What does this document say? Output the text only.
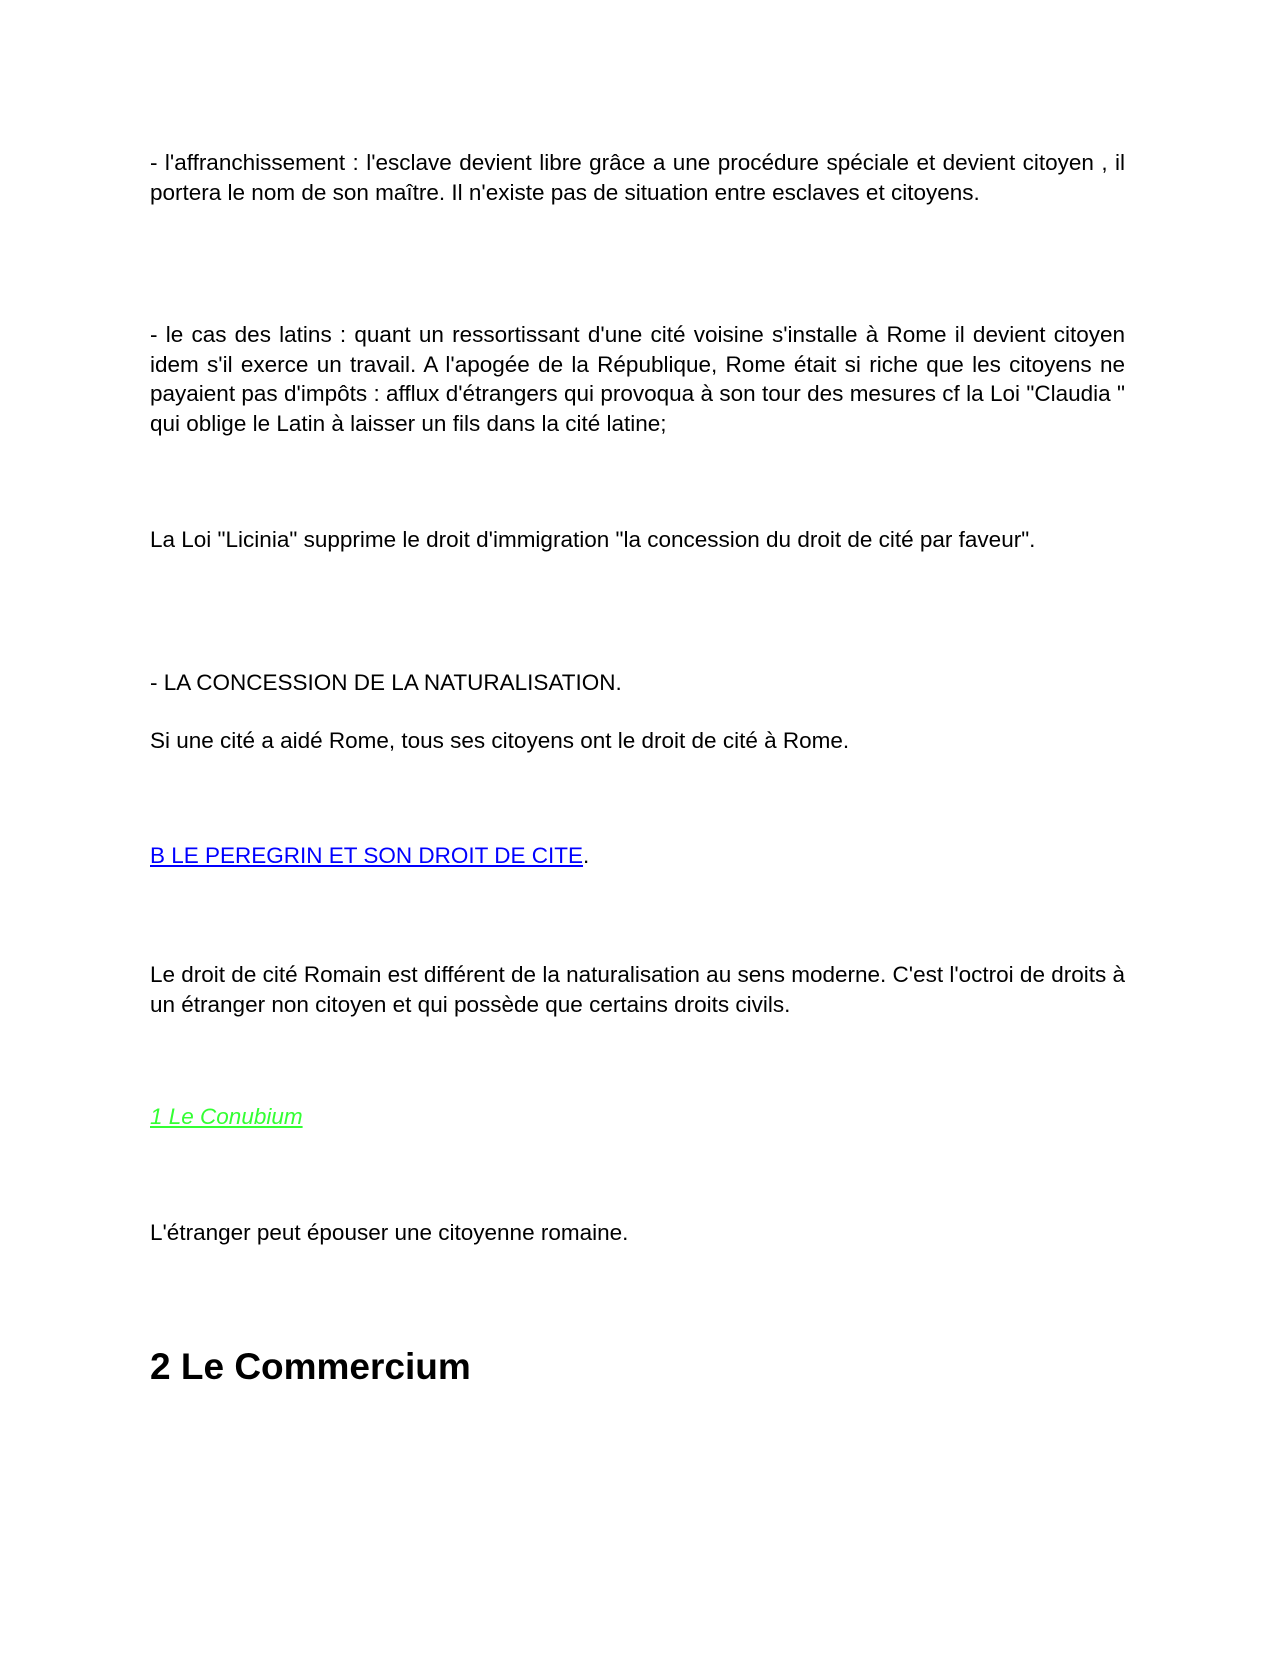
- l'affranchissement : l'esclave devient libre grâce a une procédure spéciale et devient citoyen , il portera le nom de son maître. Il n'existe pas de situation entre esclaves et citoyens.

- le cas des latins : quant un ressortissant d'une cité voisine s'installe à Rome il devient citoyen idem s'il exerce un travail. A l'apogée de la République, Rome était si riche que les citoyens ne payaient pas d'impôts : afflux d'étrangers qui provoqua à son tour des mesures cf la Loi "Claudia " qui oblige le Latin à laisser un fils dans la cité latine;

La Loi "Licinia" supprime le droit d'immigration "la concession du droit de cité par faveur".

- LA CONCESSION DE LA NATURALISATION.

Si une cité a aidé Rome, tous ses citoyens ont le droit de cité à Rome.

B LE PEREGRIN ET SON DROIT DE CITE.

Le droit de cité Romain est différent de la naturalisation au sens moderne. C'est l'octroi de droits à un étranger non citoyen et qui possède que certains droits civils.

1 Le Conubium

L'étranger peut épouser une citoyenne romaine.

2 Le Commercium
